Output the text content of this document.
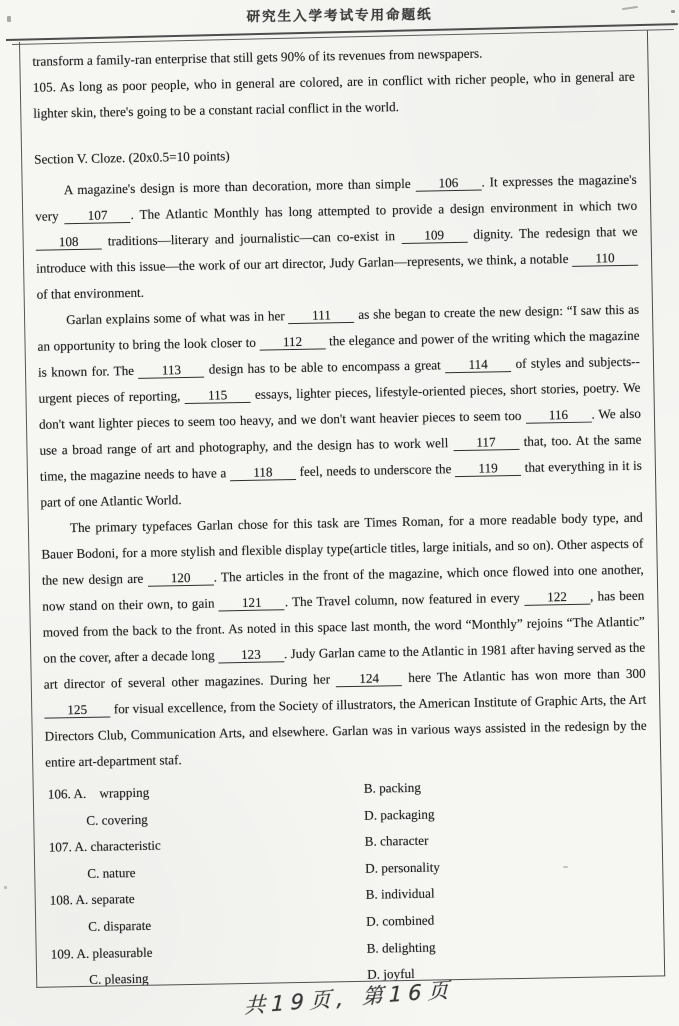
研究生入学考试专用命题纸

transform a family-ran enterprise that still gets 90% of its revenues from newspapers.

105. As long as poor people, who in general are colored, are in conflict with richer people, who in general are lighter skin, there's going to be a constant racial conflict in the world.

Section V. Cloze. (20x0.5=10 points)

A magazine's design is more than decoration, more than simple 106 . It expresses the magazine's very 107 . The Atlantic Monthly has long attempted to provide a design environment in which two 108 traditions—literary and journalistic—can co-exist in 109 dignity. The redesign that we introduce with this issue—the work of our art director, Judy Garlan—represents, we think, a notable 110 of that environment.

Garlan explains some of what was in her 111 as she began to create the new design: “I saw this as an opportunity to bring the look closer to 112 the elegance and power of the writing which the magazine is known for. The 113 design has to be able to encompass a great 114 of styles and subjects--urgent pieces of reporting, 115 essays, lighter pieces, lifestyle-oriented pieces, short stories, poetry. We don't want lighter pieces to seem too heavy, and we don't want heavier pieces to seem too 116 . We also use a broad range of art and photography, and the design has to work well 117 that, too. At the same time, the magazine needs to have a 118 feel, needs to underscore the 119 that everything in it is part of one Atlantic World.

The primary typefaces Garlan chose for this task are Times Roman, for a more readable body type, and Bauer Bodoni, for a more stylish and flexible display type(article titles, large initials, and so on). Other aspects of the new design are 120 . The articles in the front of the magazine, which once flowed into one another, now stand on their own, to gain 121 . The Travel column, now featured in every 122 , has been moved from the back to the front. As noted in this space last month, the word “Monthly” rejoins “The Atlantic” on the cover, after a decade long 123 . Judy Garlan came to the Atlantic in 1981 after having served as the art director of several other magazines. During her 124 here The Atlantic has won more than 300 125 for visual excellence, from the Society of illustrators, the American Institute of Graphic Arts, the Art Directors Club, Communication Arts, and elsewhere. Garlan was in various ways assisted in the redesign by the entire art-department staf.

106. A.    wrapping	B. packing
C. covering	D. packaging
107. A. characteristic	B. character
C. nature	D. personality
108. A. separate	B. individual
C. disparate	D. combined
109. A. pleasurable	B. delighting
C. pleasing	D. joyful
共19页, 第16页
